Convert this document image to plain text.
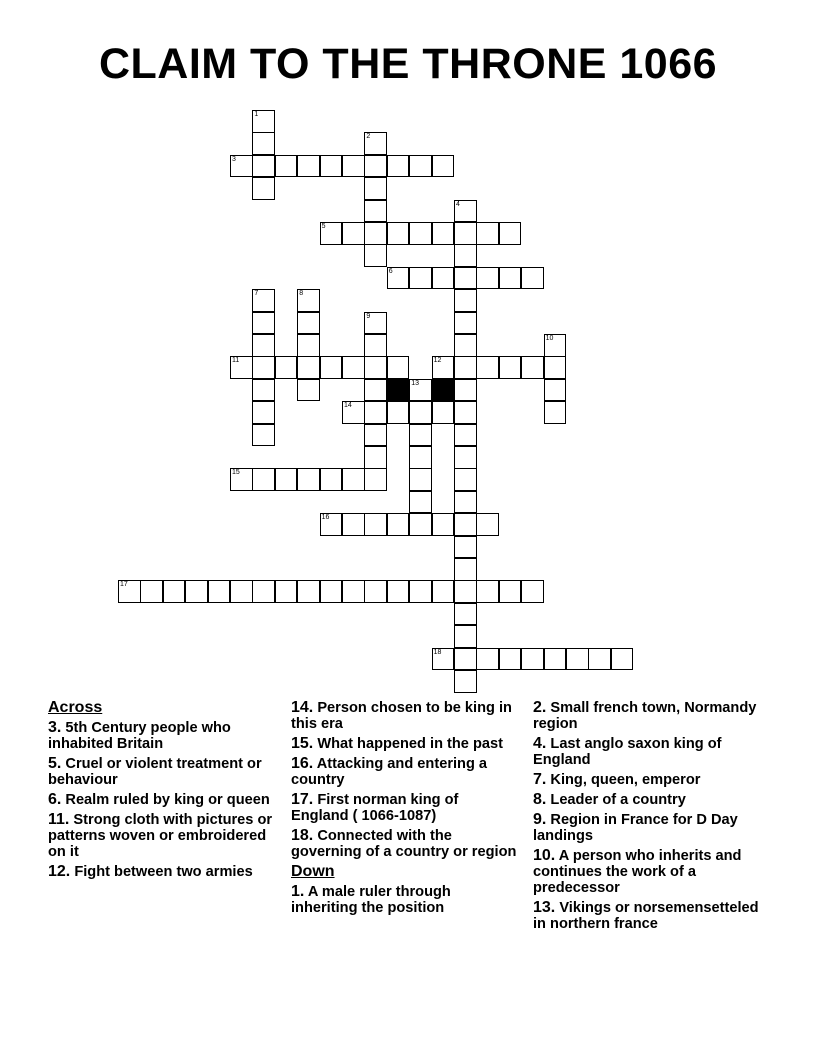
CLAIM TO THE THRONE 1066
1
2
3
4
5
6
7	8
9
10
11	12
13
14
15
16
17
18
Across
3. 5th Century people who inhabited Britain
5. Cruel or violent treatment or behaviour
6. Realm ruled by king or queen
11. Strong cloth with pictures or patterns woven or embroidered on it
12. Fight between two armies
14. Person chosen to be king in this era
15. What happened in the past
16. Attacking and entering a country
17. First norman king of England ( 1066-1087)
18. Connected with the governing of a country or region
Down
1. A male ruler through inheriting the position
2. Small french town, Normandy region
4. Last anglo saxon king of England
7. King, queen, emperor
8. Leader of a country
9. Region in France for D Day landings
10. A person who inherits and continues the work of a predecessor
13. Vikings or norsemensetteled in northern france
